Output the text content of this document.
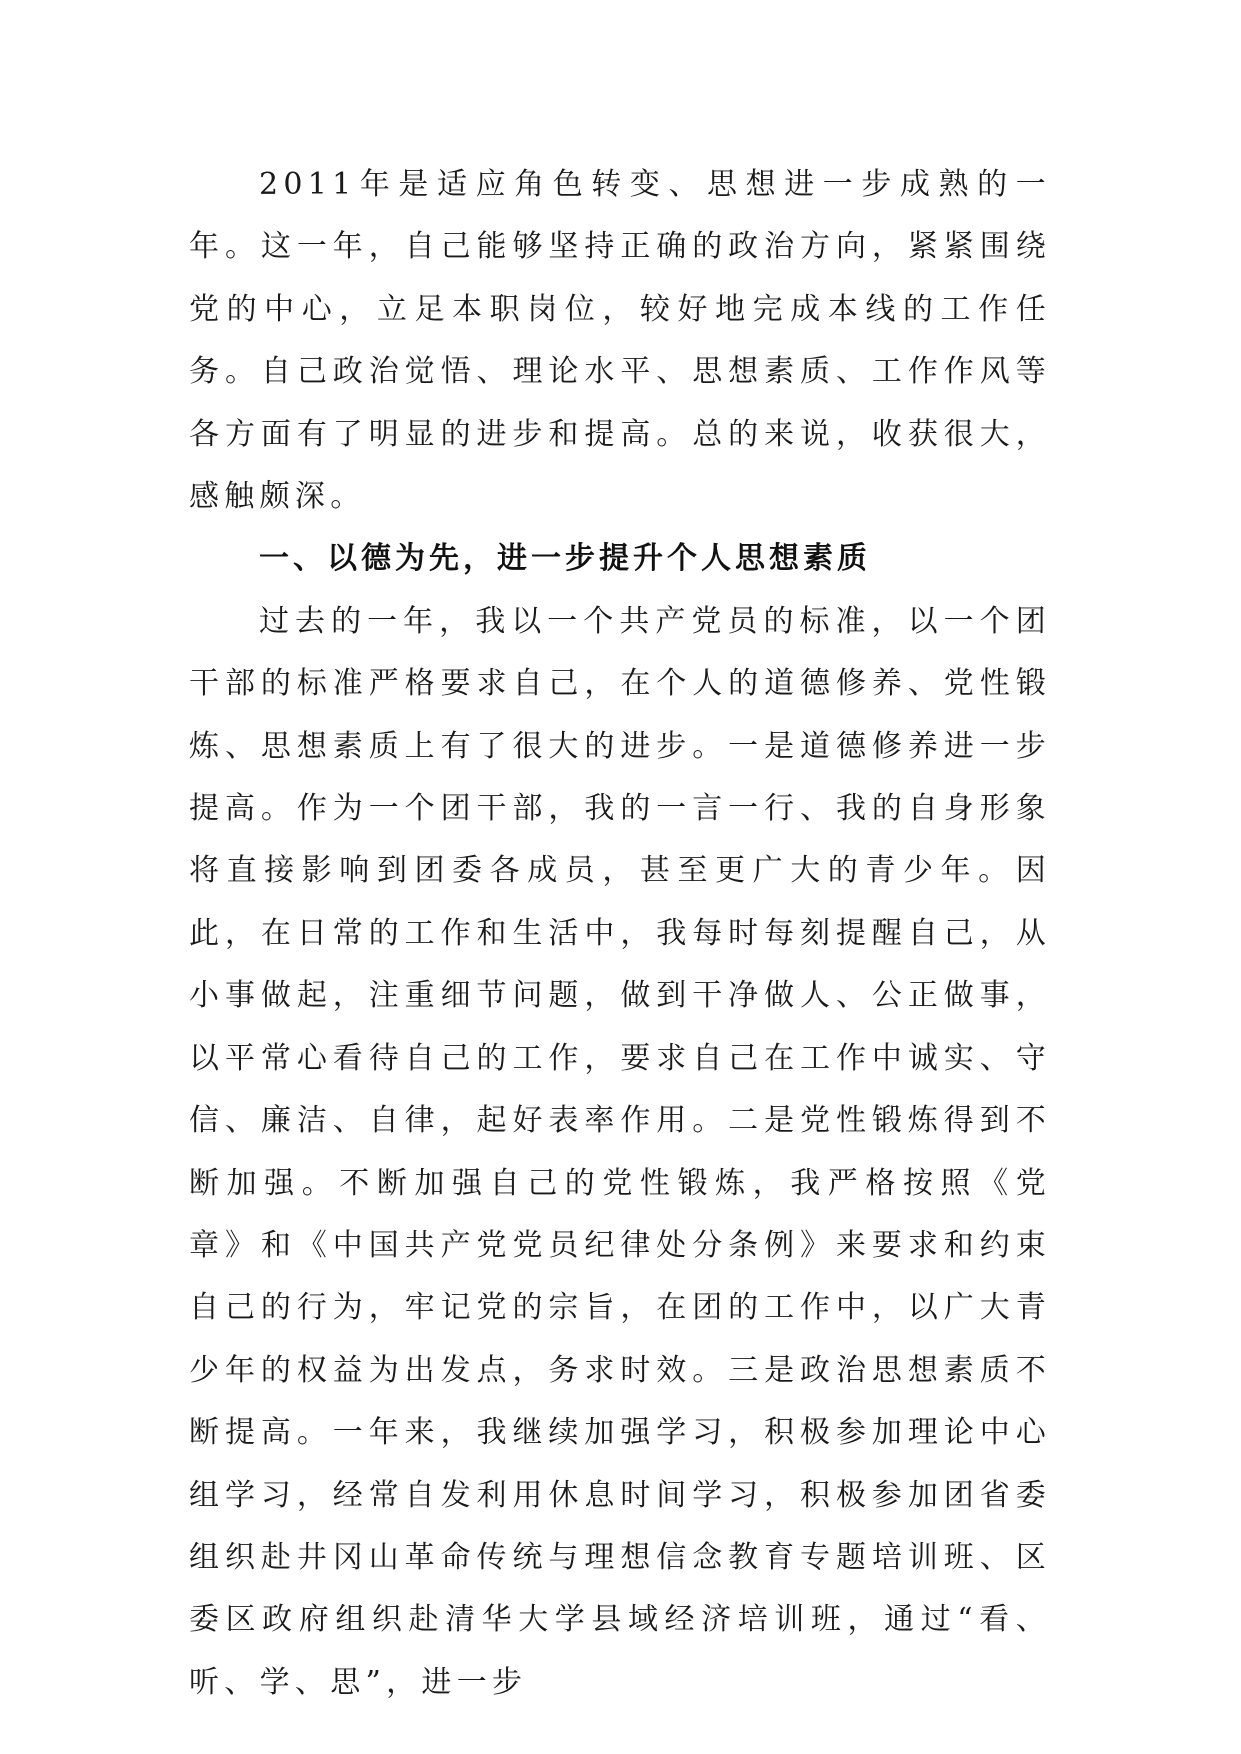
2011年是适应角色转变、思想进一步成熟的一年。这一年，自己能够坚持正确的政治方向，紧紧围绕党的中心，立足本职岗位，较好地完成本线的工作任务。自己政治觉悟、理论水平、思想素质、工作作风等各方面有了明显的进步和提高。总的来说，收获很大，感触颇深。

一、以德为先，进一步提升个人思想素质

过去的一年，我以一个共产党员的标准，以一个团干部的标准严格要求自己，在个人的道德修养、党性锻炼、思想素质上有了很大的进步。一是道德修养进一步提高。作为一个团干部，我的一言一行、我的自身形象将直接影响到团委各成员，甚至更广大的青少年。因此，在日常的工作和生活中，我每时每刻提醒自己，从小事做起，注重细节问题，做到干净做人、公正做事，以平常心看待自己的工作，要求自己在工作中诚实、守信、廉洁、自律，起好表率作用。二是党性锻炼得到不断加强。不断加强自己的党性锻炼，我严格按照《党章》和《中国共产党党员纪律处分条例》来要求和约束自己的行为，牢记党的宗旨，在团的工作中，以广大青少年的权益为出发点，务求时效。三是政治思想素质不断提高。一年来，我继续加强学习，积极参加理论中心组学习，经常自发利用休息时间学习，积极参加团省委组织赴井冈山革命传统与理想信念教育专题培训班、区委区政府组织赴清华大学县域经济培训班，通过“看、听、学、思”，进一步
